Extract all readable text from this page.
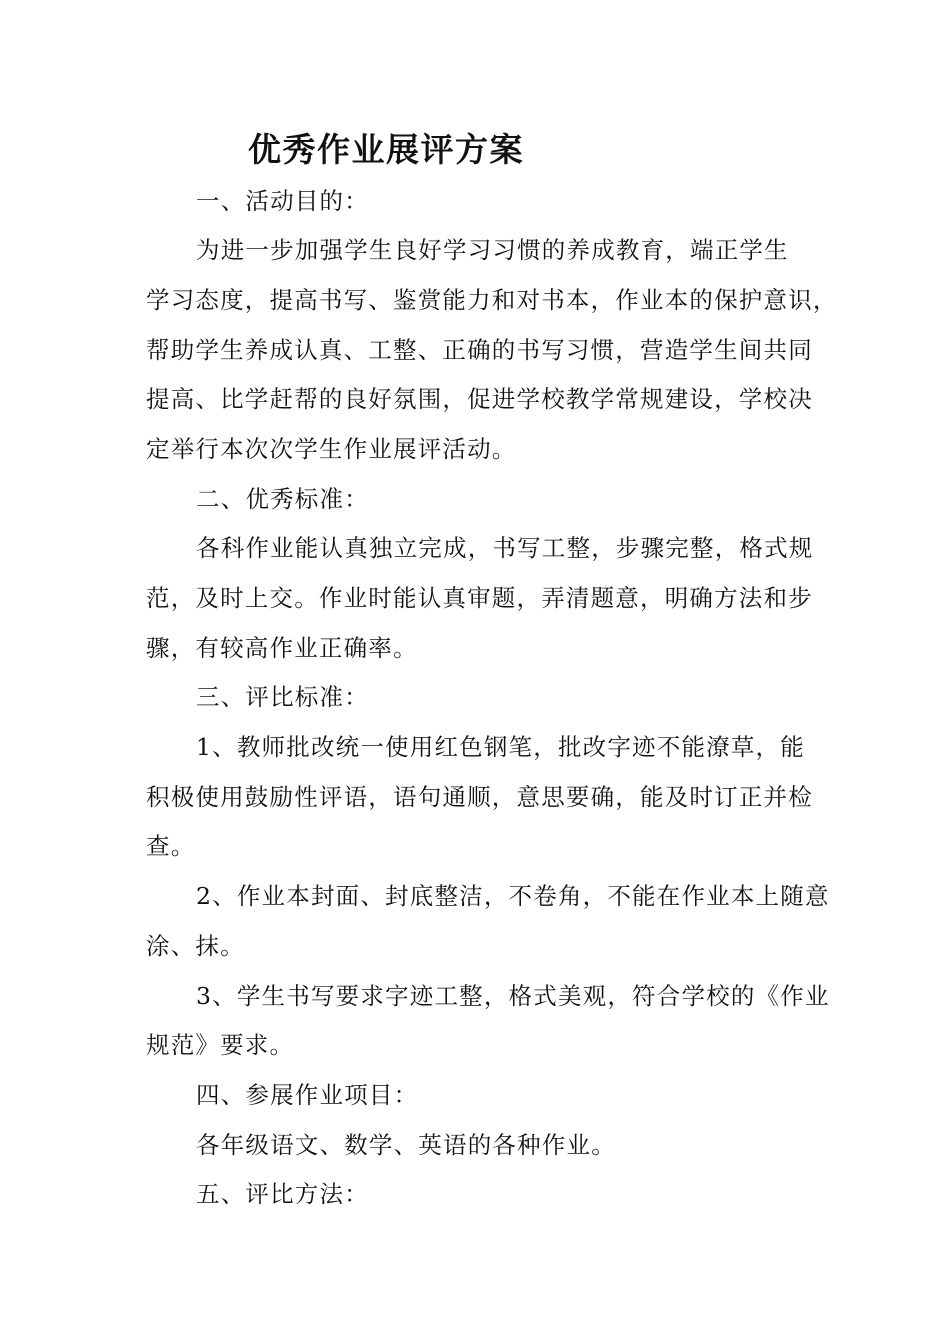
优秀作业展评方案
一、活动目的：
为进一步加强学生良好学习习惯的养成教育，端正学生
学习态度，提高书写、鉴赏能力和对书本，作业本的保护意识，
帮助学生养成认真、工整、正确的书写习惯，营造学生间共同
提高、比学赶帮的良好氛围，促进学校教学常规建设，学校决
定举行本次次学生作业展评活动。
二、优秀标准：
各科作业能认真独立完成，书写工整，步骤完整，格式规
范，及时上交。作业时能认真审题，弄清题意，明确方法和步
骤，有较高作业正确率。
三、评比标准：
1、教师批改统一使用红色钢笔，批改字迹不能潦草，能
积极使用鼓励性评语，语句通顺，意思要确，能及时订正并检
查。
2、作业本封面、封底整洁，不卷角，不能在作业本上随意
涂、抹。
3、学生书写要求字迹工整，格式美观，符合学校的《作业
规范》要求。
四、参展作业项目：
各年级语文、数学、英语的各种作业。
五、评比方法：
